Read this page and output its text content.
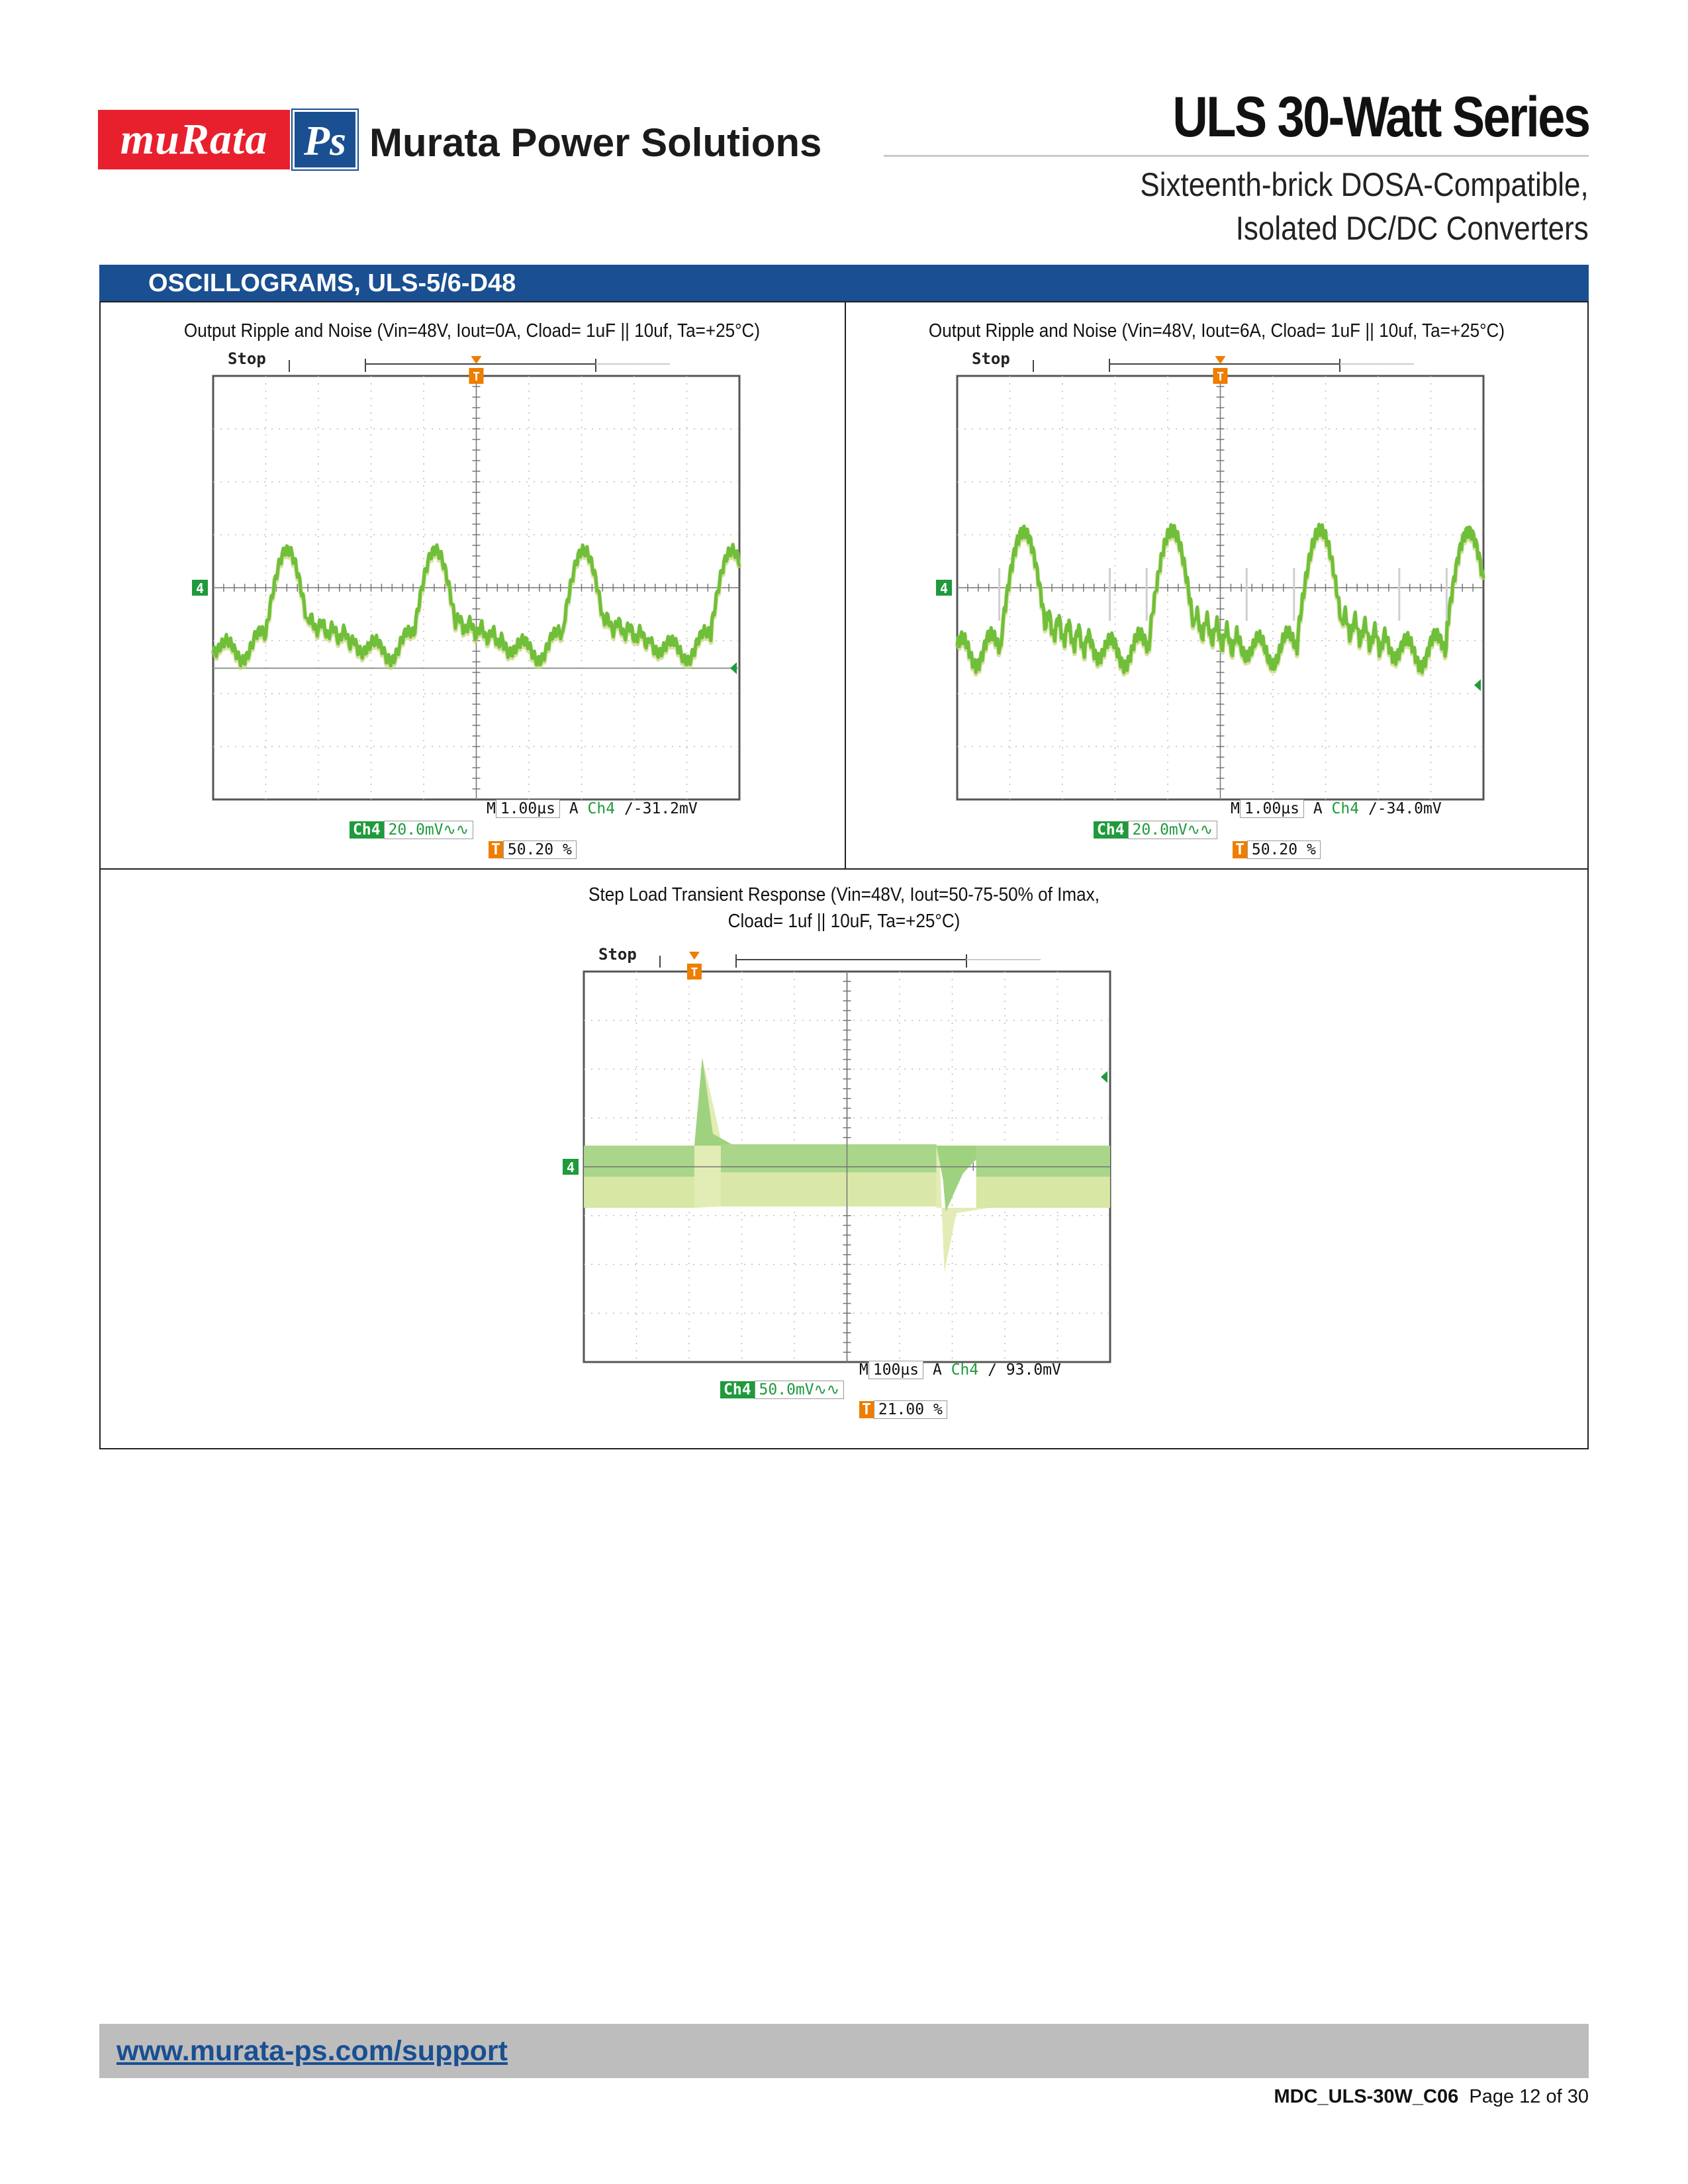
muRata Ps Murata Power Solutions	ULS 30-Watt Series
Sixteenth-brick DOSA-Compatible,
Isolated DC/DC Converters
OSCILLOGRAMS, ULS-5/6-D48
Output Ripple and Noise (Vin=48V, Iout=0A, Cload= 1uF || 10uf, Ta=+25°C)	Output Ripple and Noise (Vin=48V, Iout=6A, Cload= 1uF || 10uf, Ta=+25°C)
Step Load Transient Response (Vin=48V, Iout=50-75-50% of Imax,
Cload= 1uf || 10uF, Ta=+25°C)
4
T
Stop
M 1.00µs A Ch4 ∕-31.2mV
Ch4 20.0mV∿∿
T 50.20 %
4
T
Stop
M 1.00µs A Ch4 ∕-34.0mV
Ch4 20.0mV∿∿
T 50.20 %
4
T
Stop
M 100µs A Ch4 ∕ 93.0mV
Ch4 50.0mV∿∿
T 21.00 %
www.murata-ps.com/support
MDC_ULS-30W_C06 Page 12 of 30
